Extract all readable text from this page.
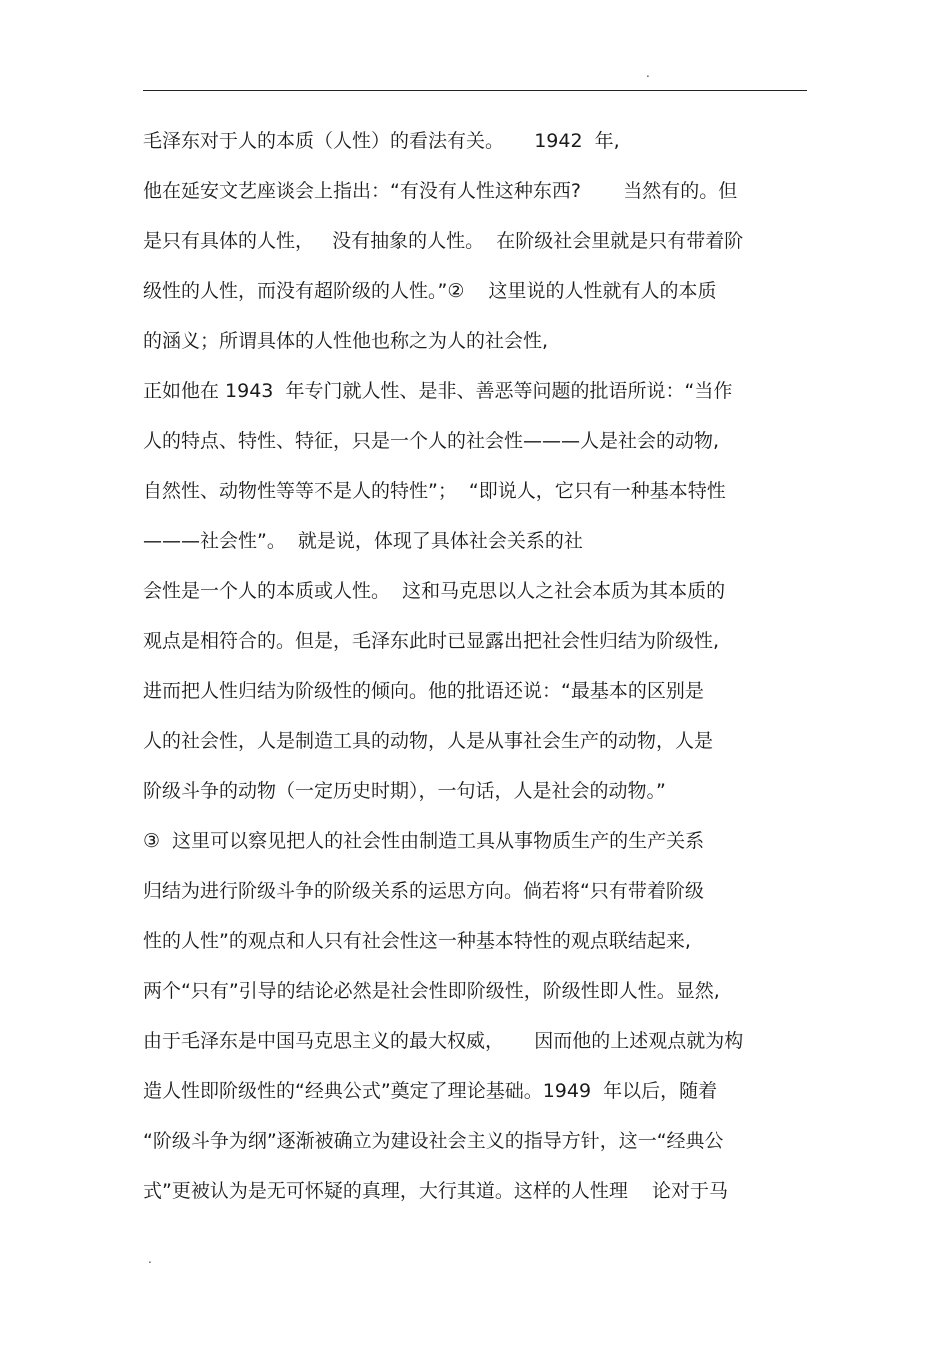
.
毛泽东对于人的本质（人性）的看法有关。     1942  年,
他在延安文艺座谈会上指出：“有没有人性这种东西?       当然有的。但
是只有具体的人性，   没有抽象的人性。  在阶级社会里就是只有带着阶
级性的人性，而没有超阶级的人性。”②    这里说的人性就有人的本质
的涵义；所谓具体的人性他也称之为人的社会性,
正如他在 1943  年专门就人性、是非、善恶等问题的批语所说：“当作
人的特点、特性、特征，只是一个人的社会性———人是社会的动物,
自然性、动物性等等不是人的特性”；  “即说人，它只有一种基本特性
———社会性”。  就是说，体现了具体社会关系的社
会性是一个人的本质或人性。  这和马克思以人之社会本质为其本质的
观点是相符合的。但是，毛泽东此时已显露出把社会性归结为阶级性,
进而把人性归结为阶级性的倾向。他的批语还说：“最基本的区别是
人的社会性，人是制造工具的动物，人是从事社会生产的动物，人是
阶级斗争的动物（一定历史时期），一句话，人是社会的动物。”
③  这里可以察见把人的社会性由制造工具从事物质生产的生产关系
归结为进行阶级斗争的阶级关系的运思方向。倘若将“只有带着阶级
性的人性”的观点和人只有社会性这一种基本特性的观点联结起来,
两个“只有”引导的结论必然是社会性即阶级性，阶级性即人性。显然,
由于毛泽东是中国马克思主义的最大权威，     因而他的上述观点就为构
造人性即阶级性的“经典公式”奠定了理论基础。1949  年以后，随着
“阶级斗争为纲”逐渐被确立为建设社会主义的指导方针，这一“经典公
式”更被认为是无可怀疑的真理，大行其道。这样的人性理    论对于马
.
